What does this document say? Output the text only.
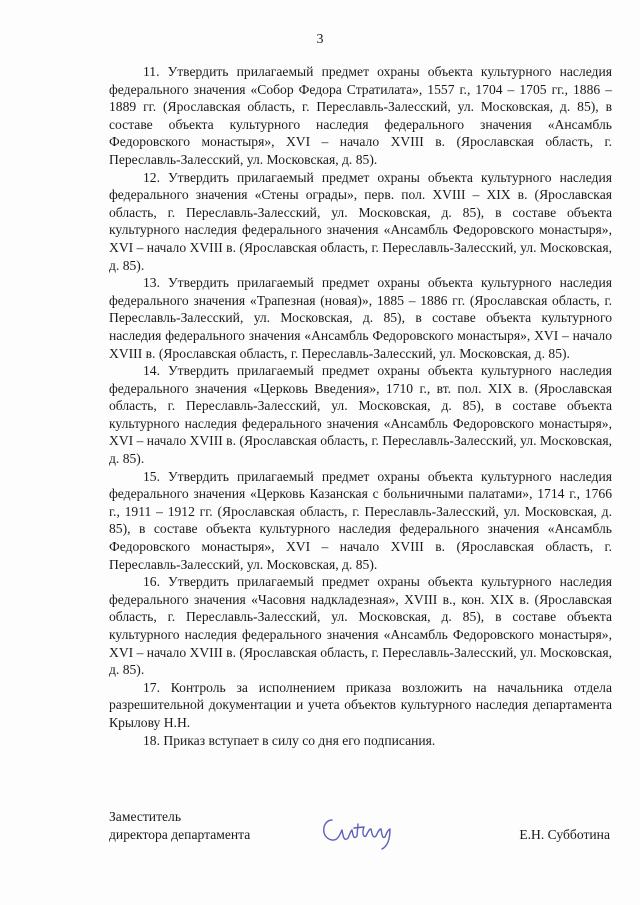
3

11. Утвердить прилагаемый предмет охраны объекта культурного наследия федерального значения «Собор Федора Стратилата», 1557 г., 1704 – 1705 гг., 1886 – 1889 гг. (Ярославская область, г. Переславль-Залесский, ул. Московская, д. 85), в составе объекта культурного наследия федерального значения «Ансамбль Федоровского монастыря», XVI – начало XVIII в. (Ярославская область, г. Переславль-Залесский, ул. Московская, д. 85).

12. Утвердить прилагаемый предмет охраны объекта культурного наследия федерального значения «Стены ограды», перв. пол. XVIII – XIX в. (Ярославская область, г. Переславль-Залесский, ул. Московская, д. 85), в составе объекта культурного наследия федерального значения «Ансамбль Федоровского монастыря», XVI – начало XVIII в. (Ярославская область, г. Переславль-Залесский, ул. Московская, д. 85).

13. Утвердить прилагаемый предмет охраны объекта культурного наследия федерального значения «Трапезная (новая)», 1885 – 1886 гг. (Ярославская область, г. Переславль-Залесский, ул. Московская, д. 85), в составе объекта культурного наследия федерального значения «Ансамбль Федоровского монастыря», XVI – начало XVIII в. (Ярославская область, г. Переславль-Залесский, ул. Московская, д. 85).

14. Утвердить прилагаемый предмет охраны объекта культурного наследия федерального значения «Церковь Введения», 1710 г., вт. пол. XIX в. (Ярославская область, г. Переславль-Залесский, ул. Московская, д. 85), в составе объекта культурного наследия федерального значения «Ансамбль Федоровского монастыря», XVI – начало XVIII в. (Ярославская область, г. Переславль-Залесский, ул. Московская, д. 85).

15. Утвердить прилагаемый предмет охраны объекта культурного наследия федерального значения «Церковь Казанская с больничными палатами», 1714 г., 1766 г., 1911 – 1912 гг. (Ярославская область, г. Переславль-Залесский, ул. Московская, д. 85), в составе объекта культурного наследия федерального значения «Ансамбль Федоровского монастыря», XVI – начало XVIII в. (Ярославская область, г. Переславль-Залесский, ул. Московская, д. 85).

16. Утвердить прилагаемый предмет охраны объекта культурного наследия федерального значения «Часовня надкладезная», XVIII в., кон. XIX в. (Ярославская область, г. Переславль-Залесский, ул. Московская, д. 85), в составе объекта культурного наследия федерального значения «Ансамбль Федоровского монастыря», XVI – начало XVIII в. (Ярославская область, г. Переславль-Залесский, ул. Московская, д. 85).

17. Контроль за исполнением приказа возложить на начальника отдела разрешительной документации и учета объектов культурного наследия департамента Крылову Н.Н.

18. Приказ вступает в силу со дня его подписания.

Заместитель
директора департамента	Е.Н. Субботина
